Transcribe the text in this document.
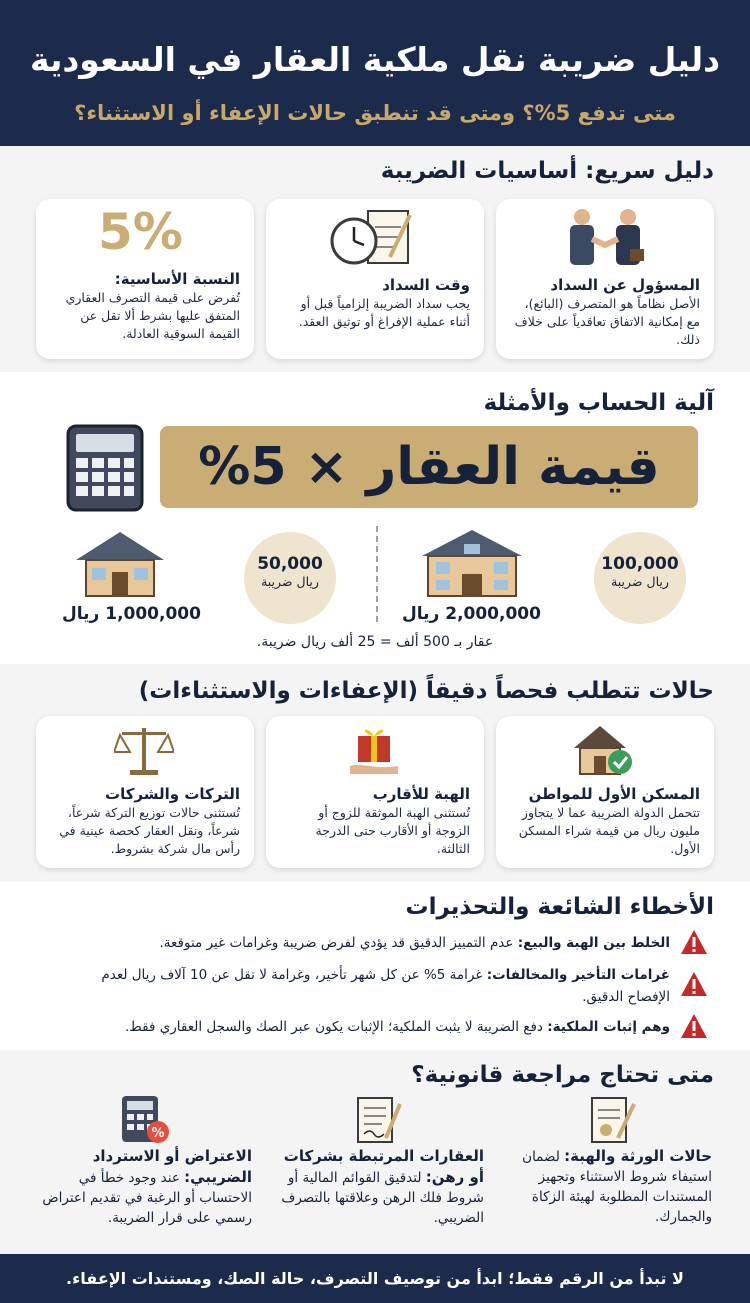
دليل ضريبة نقل ملكية العقار في السعودية
متى تدفع 5%؟ ومتى قد تنطبق حالات الإعفاء أو الاستثناء؟
دليل سريع: أساسيات الضريبة
المسؤول عن السداد
الأصل نظاماً هو المتصرف (البائع)، مع إمكانية الاتفاق تعاقدياً على خلاف ذلك.
وقت السداد
يجب سداد الضريبة إلزامياً قبل أو أثناء عملية الإفراغ أو توثيق العقد.
5%
النسبة الأساسية:
تُفرض على قيمة التصرف العقاري المتفق عليها بشرط ألا تقل عن القيمة السوقية العادلة.
آلية الحساب والأمثلة
قيمة العقار × 5%
100,000
ريال ضريبة
2,000,000 ريال
50,000
ريال ضريبة
1,000,000 ريال
عقار بـ 500 ألف = 25 ألف ريال ضريبة.
حالات تتطلب فحصاً دقيقاً (الإعفاءات والاستثناءات)
المسكن الأول للمواطن
تتحمل الدولة الضريبة عما لا يتجاوز مليون ريال من قيمة شراء المسكن الأول.
الهبة للأقارب
تُستثنى الهبة الموثقة للزوج أو الزوجة أو الأقارب حتى الدرجة الثالثة.
التركات والشركات
تُستثنى حالات توزيع التركة شرعاً، شرعاً، ونقل العقار كحصة عينية في رأس مال شركة بشروط.
الأخطاء الشائعة والتحذيرات
الخلط بين الهبة والبيع: عدم التمييز الدقيق قد يؤدي لفرض ضريبة وغرامات غير متوقعة.
غرامات التأخير والمخالفات: غرامة 5% عن كل شهر تأخير، وغرامة لا تقل عن 10 آلاف ريال لعدم الإفصاح الدقيق.
وهم إثبات الملكية: دفع الضريبة لا يثبت الملكية؛ الإثبات يكون عبر الصك والسجل العقاري فقط.
متى تحتاج مراجعة قانونية؟
حالات الورثة والهبة: لضمان استيفاء شروط الاستثناء وتجهيز المستندات المطلوبة لهيئة الزكاة والجمارك.
العقارات المرتبطة بشركات أو رهن: لتدقيق القوائم المالية أو شروط فلك الرهن وعلاقتها بالتصرف الضريبي.
%
الاعتراض أو الاسترداد الضريبي: عند وجود خطأ في الاحتساب أو الرغبة في تقديم اعتراض رسمي على قرار الضريبة.
لا تبدأ من الرقم فقط؛ ابدأ من توصيف التصرف، حالة الصك، ومستندات الإعفاء.
